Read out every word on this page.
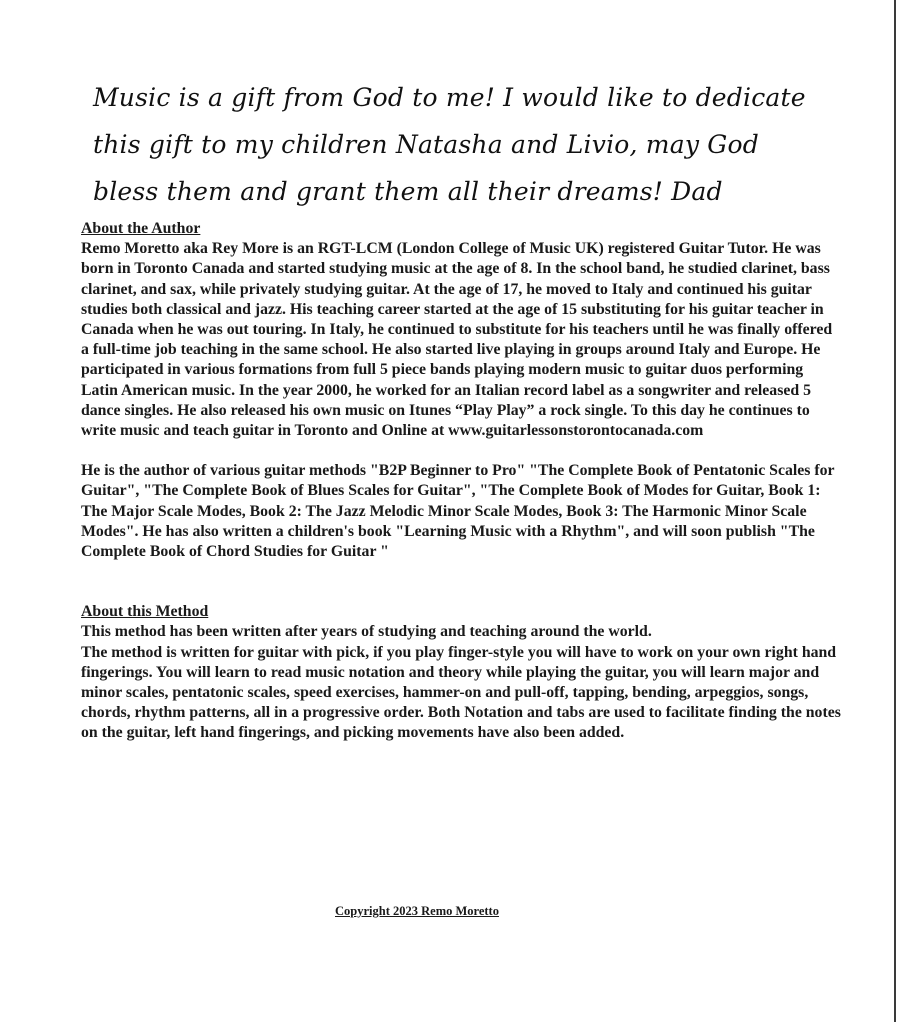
Music is a gift from God to me! I would like to dedicate this gift to my children Natasha and Livio, may God bless them and grant them all their dreams! Dad
About the Author

Remo Moretto aka Rey More is an RGT-LCM (London College of Music UK) registered Guitar Tutor. He was born in Toronto Canada and started studying music at the age of 8. In the school band, he studied clarinet, bass clarinet, and sax, while privately studying guitar. At the age of 17, he moved to Italy and continued his guitar studies both classical and jazz. His teaching career started at the age of 15 substituting for his guitar teacher in Canada when he was out touring. In Italy, he continued to substitute for his teachers until he was finally offered a full-time job teaching in the same school. He also started live playing in groups around Italy and Europe. He participated in various formations from full 5 piece bands playing modern music to guitar duos performing Latin American music. In the year 2000, he worked for an Italian record label as a songwriter and released 5 dance singles. He also released his own music on Itunes “Play Play” a rock single. To this day he continues to write music and teach guitar in Toronto and Online at www.guitarlessonstorontocanada.com

He is the author of various guitar methods "B2P Beginner to Pro" "The Complete Book of Pentatonic Scales for Guitar", "The Complete Book of Blues Scales for Guitar", "The Complete Book of Modes for Guitar, Book 1: The Major Scale Modes, Book 2: The Jazz Melodic Minor Scale Modes, Book 3: The Harmonic Minor Scale Modes". He has also written a children's book "Learning Music with a Rhythm", and will soon publish "The Complete Book of Chord Studies for Guitar "

About this Method

This method has been written after years of studying and teaching around the world.

The method is written for guitar with pick, if you play finger-style you will have to work on your own right hand fingerings. You will learn to read music notation and theory while playing the guitar, you will learn major and minor scales, pentatonic scales, speed exercises, hammer-on and pull-off, tapping, bending, arpeggios, songs, chords, rhythm patterns, all in a progressive order. Both Notation and tabs are used to facilitate finding the notes on the guitar, left hand fingerings, and picking movements have also been added.

Copyright 2023 Remo Moretto
